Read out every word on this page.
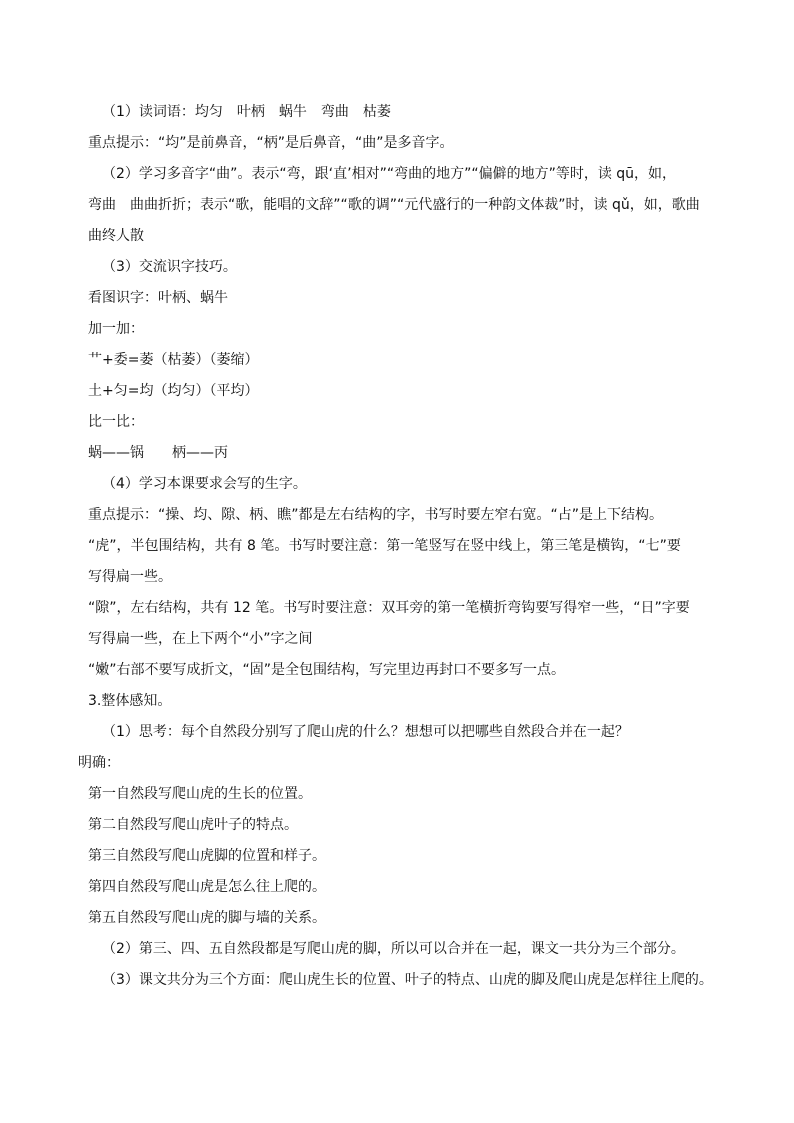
（1）读词语：均匀　叶柄　蜗牛　弯曲　枯萎
重点提示：“均”是前鼻音，“柄”是后鼻音，“曲”是多音字。
（2）学习多音字“曲”。表示“弯，跟‘直’相对”“弯曲的地方”“偏僻的地方”等时，读 qū，如，
弯曲　曲曲折折；表示“歌，能唱的文辞”“歌的调”“元代盛行的一种韵文体裁”时，读 qǔ，如，歌曲
曲终人散
（3）交流识字技巧。
看图识字：叶柄、蜗牛
加一加：
艹+委=萎（枯萎）（萎缩）
土+匀=均（均匀）（平均）
比一比：
蜗——锅　　柄——丙
（4）学习本课要求会写的生字。
重点提示：“操、均、隙、柄、瞧”都是左右结构的字，书写时要左窄右宽。“占”是上下结构。
“虎”，半包围结构，共有 8 笔。书写时要注意：第一笔竖写在竖中线上，第三笔是横钩，“七”要
写得扁一些。
“隙”，左右结构，共有 12 笔。书写时要注意：双耳旁的第一笔横折弯钩要写得窄一些，“日”字要
写得扁一些，在上下两个“小”字之间
“嫩”右部不要写成折文，“固”是全包围结构，写完里边再封口不要多写一点。
3.整体感知。
（1）思考：每个自然段分别写了爬山虎的什么？想想可以把哪些自然段合并在一起？
明确：
第一自然段写爬山虎的生长的位置。
第二自然段写爬山虎叶子的特点。
第三自然段写爬山虎脚的位置和样子。
第四自然段写爬山虎是怎么往上爬的。
第五自然段写爬山虎的脚与墙的关系。
（2）第三、四、五自然段都是写爬山虎的脚，所以可以合并在一起，课文一共分为三个部分。
（3）课文共分为三个方面：爬山虎生长的位置、叶子的特点、山虎的脚及爬山虎是怎样往上爬的。
